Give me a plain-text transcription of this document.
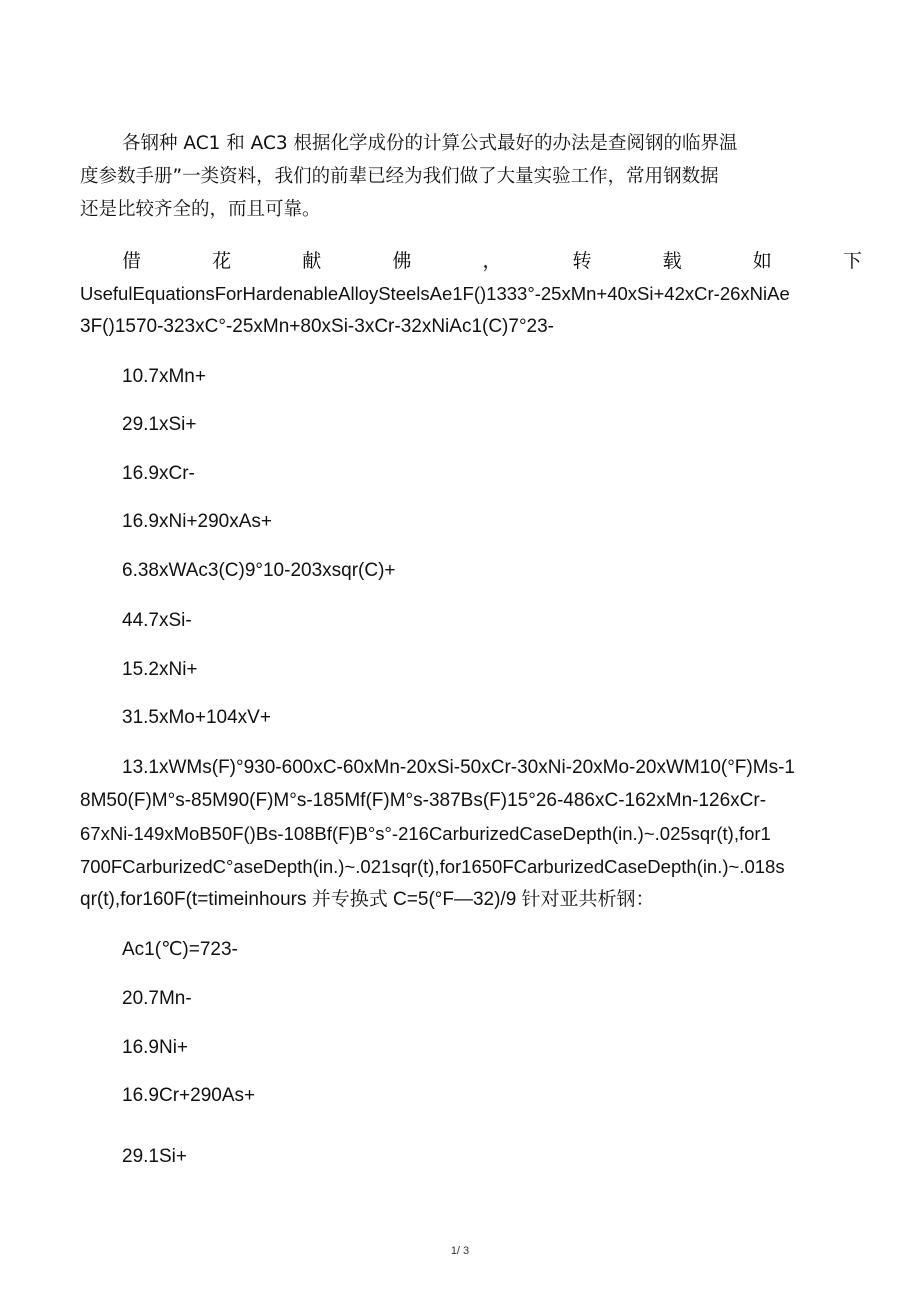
各钢种 AC1 和 AC3 根据化学成份的计算公式最好的办法是查阅钢的临界温

度参数手册”一类资料，我们的前辈已经为我们做了大量实验工作，常用钢数据

还是比较齐全的，而且可靠。

借	花	献	佛	，	转	载	如	下

UsefulEquationsForHardenableAlloySteelsAe1F()1333°-25xMn+40xSi+42xCr-26xNiAe

3F()1570-323xC°-25xMn+80xSi-3xCr-32xNiAc1(C)7°23-

10.7xMn+

29.1xSi+

16.9xCr-

16.9xNi+290xAs+

6.38xWAc3(C)9°10-203xsqr(C)+

44.7xSi-

15.2xNi+

31.5xMo+104xV+

13.1xWMs(F)°930-600xC-60xMn-20xSi-50xCr-30xNi-20xMo-20xWM10(°F)Ms-1

8M50(F)M°s-85M90(F)M°s-185Mf(F)M°s-387Bs(F)15°26-486xC-162xMn-126xCr-

67xNi-149xMoB50F()Bs-108Bf(F)B°s°-216CarburizedCaseDepth(in.)~.025sqr(t),for1

700FCarburizedC°aseDepth(in.)~.021sqr(t),for1650FCarburizedCaseDepth(in.)~.018s

qr(t),for160F(t=timeinhours 并专换式 C=5(°F—32)/9 针对亚共析钢：

Ac1(℃)=723-

20.7Mn-

16.9Ni+

16.9Cr+290As+

29.1Si+

1/ 3
